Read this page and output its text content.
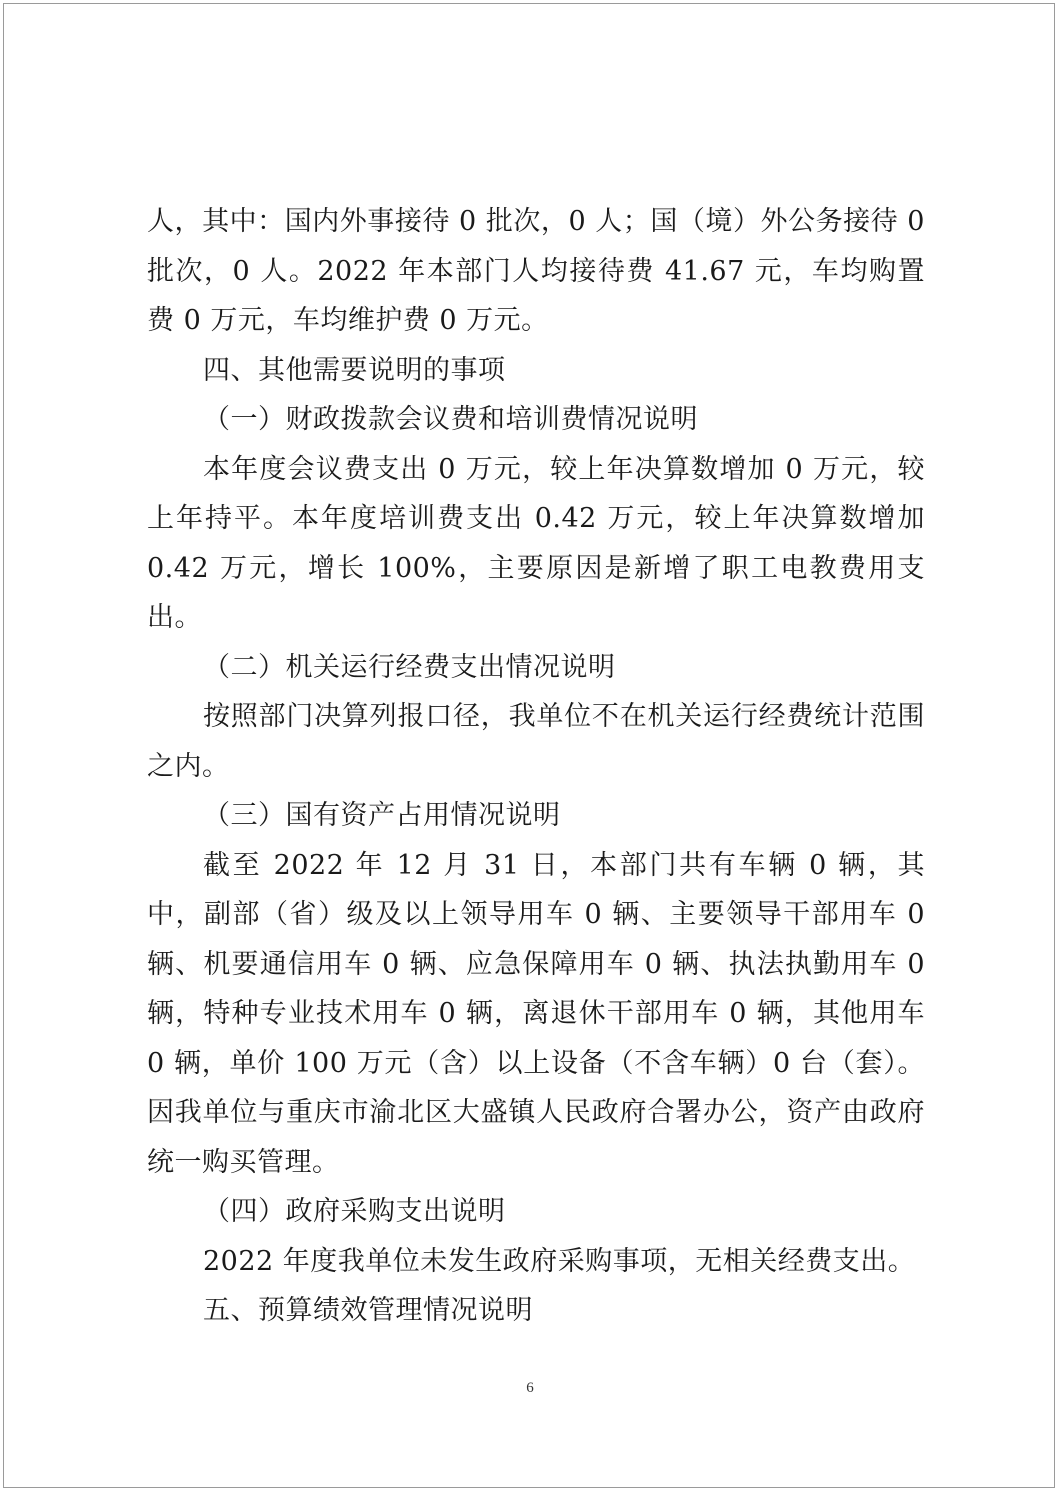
人，其中：国内外事接待 0 批次，0 人；国（境）外公务接待 0 批次，0 人。2022 年本部门人均接待费 41.67 元，车均购置费 0 万元，车均维护费 0 万元。

四、其他需要说明的事项

（一）财政拨款会议费和培训费情况说明

本年度会议费支出 0 万元，较上年决算数增加 0 万元，较上年持平。本年度培训费支出 0.42 万元，较上年决算数增加 0.42 万元，增长 100%，主要原因是新增了职工电教费用支出。

（二）机关运行经费支出情况说明

按照部门决算列报口径，我单位不在机关运行经费统计范围之内。

（三）国有资产占用情况说明

截至 2022 年 12 月 31 日，本部门共有车辆 0 辆，其中，副部（省）级及以上领导用车 0 辆、主要领导干部用车 0 辆、机要通信用车 0 辆、应急保障用车 0 辆、执法执勤用车 0 辆，特种专业技术用车 0 辆，离退休干部用车 0 辆，其他用车 0 辆，单价 100 万元（含）以上设备（不含车辆）0 台（套）。因我单位与重庆市渝北区大盛镇人民政府合署办公，资产由政府统一购买管理。

（四）政府采购支出说明

2022 年度我单位未发生政府采购事项，无相关经费支出。

五、预算绩效管理情况说明

6
